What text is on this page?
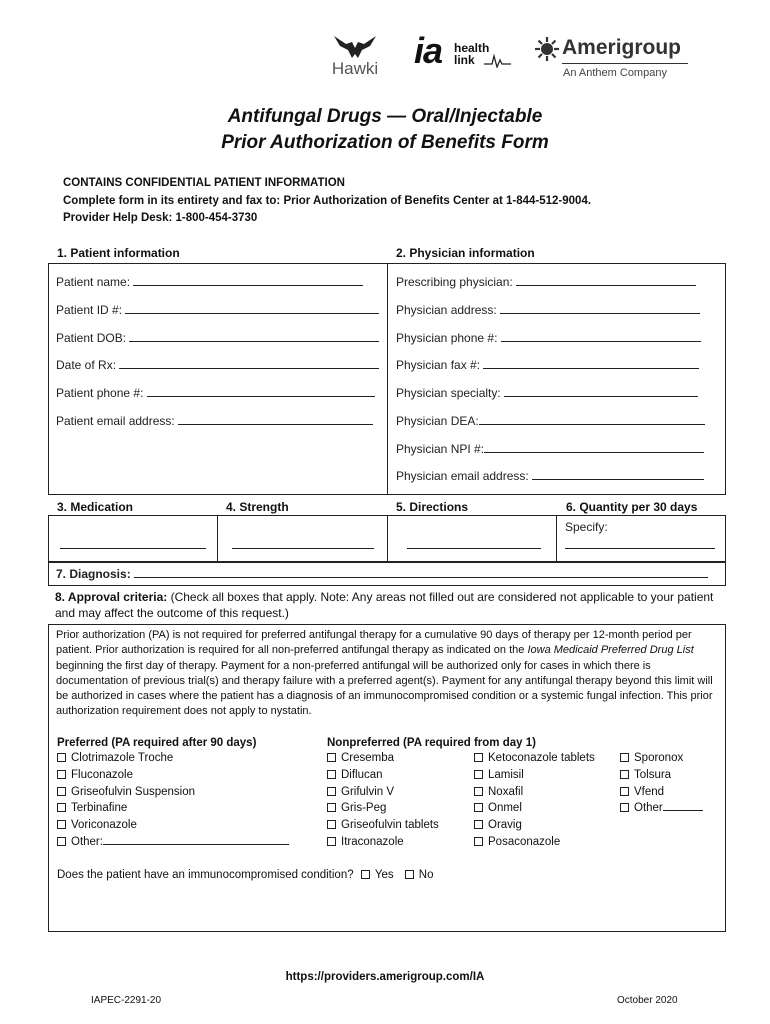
Hawki ia health
link
Amerigroup
An Anthem Company
Antifungal Drugs — Oral/Injectable
Prior Authorization of Benefits Form
CONTAINS CONFIDENTIAL PATIENT INFORMATION
Complete form in its entirety and fax to: Prior Authorization of Benefits Center at 1-844-512-9004.
Provider Help Desk: 1-800-454-3730
1. Patient information	2. Physician information
Patient name:
Patient ID #:
Patient DOB:
Date of Rx:
Patient phone #:
Patient email address:
Prescribing physician:
Physician address:
Physician phone #:
Physician fax #:
Physician specialty:
Physician DEA:
Physician NPI #:
Physician email address:
3. Medication	4. Strength	5. Directions	6. Quantity per 30 days
Specify:
7. Diagnosis:
8. Approval criteria: (Check all boxes that apply. Note: Any areas not filled out are considered not applicable to your patient and may affect the outcome of this request.)
Prior authorization (PA) is not required for preferred antifungal therapy for a cumulative 90 days of therapy per 12-month period per patient. Prior authorization is required for all non-preferred antifungal therapy as indicated on the Iowa Medicaid Preferred Drug List beginning the first day of therapy. Payment for a non-preferred antifungal will be authorized only for cases in which there is documentation of previous trial(s) and therapy failure with a preferred agent(s). Payment for any antifungal therapy beyond this limit will be authorized in cases where the patient has a diagnosis of an immunocompromised condition or a systemic fungal infection. This prior authorization requirement does not apply to nystatin.
Preferred (PA required after 90 days)
Clotrimazole Troche
Fluconazole
Griseofulvin Suspension
Terbinafine
Voriconazole
Other:
Nonpreferred (PA required from day 1)
Cresemba
Diflucan
Grifulvin V
Gris-Peg
Griseofulvin tablets
Itraconazole
Ketoconazole tablets
Lamisil
Noxafil
Onmel
Oravig
Posaconazole
Sporonox
Tolsura
Vfend
Other
Does the patient have an immunocompromised condition? Yes No
https://providers.amerigroup.com/IA
IAPEC-2291-20	October 2020
